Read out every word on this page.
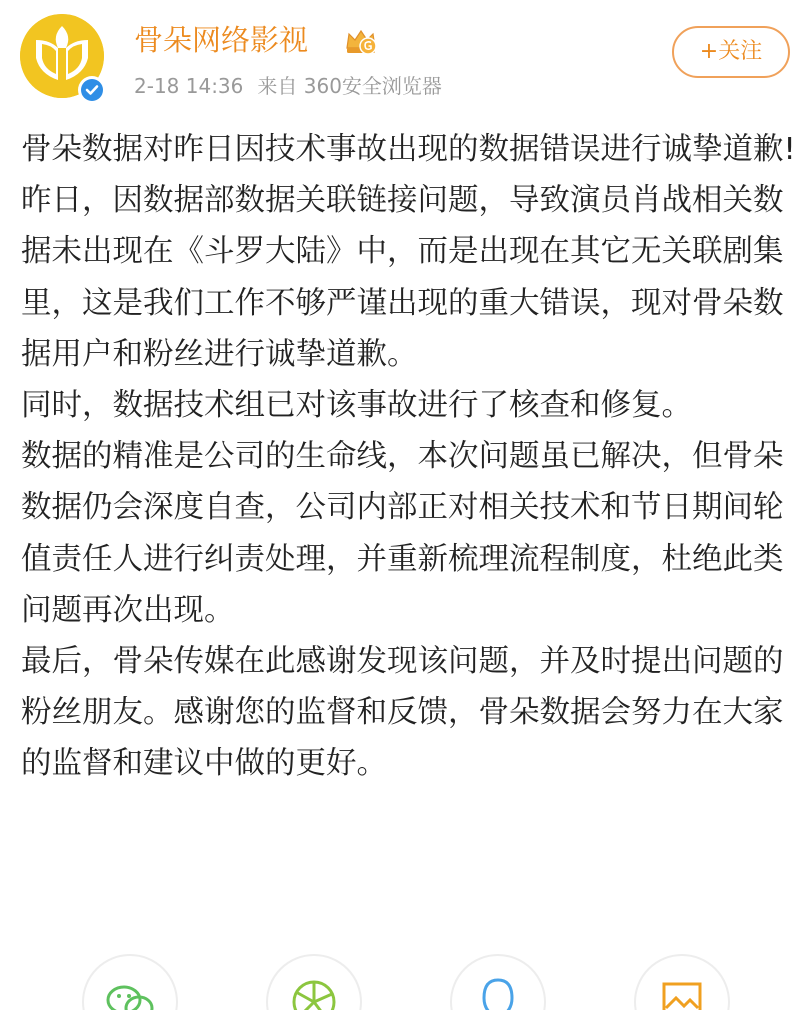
骨朵网络影视
2-18 14:36 来自 360安全浏览器
+关注

骨朵数据对昨日因技术事故出现的数据错误进行诚挚道歉!

昨日，因数据部数据关联链接问题，导致演员肖战相关数据未出现在《斗罗大陆》中，而是出现在其它无关联剧集里，这是我们工作不够严谨出现的重大错误，现对骨朵数据用户和粉丝进行诚挚道歉。

同时，数据技术组已对该事故进行了核查和修复。

数据的精准是公司的生命线，本次问题虽已解决，但骨朵数据仍会深度自查，公司内部正对相关技术和节日期间轮值责任人进行纠责处理，并重新梳理流程制度，杜绝此类问题再次出现。

最后，骨朵传媒在此感谢发现该问题，并及时提出问题的粉丝朋友。感谢您的监督和反馈，骨朵数据会努力在大家的监督和建议中做的更好。
